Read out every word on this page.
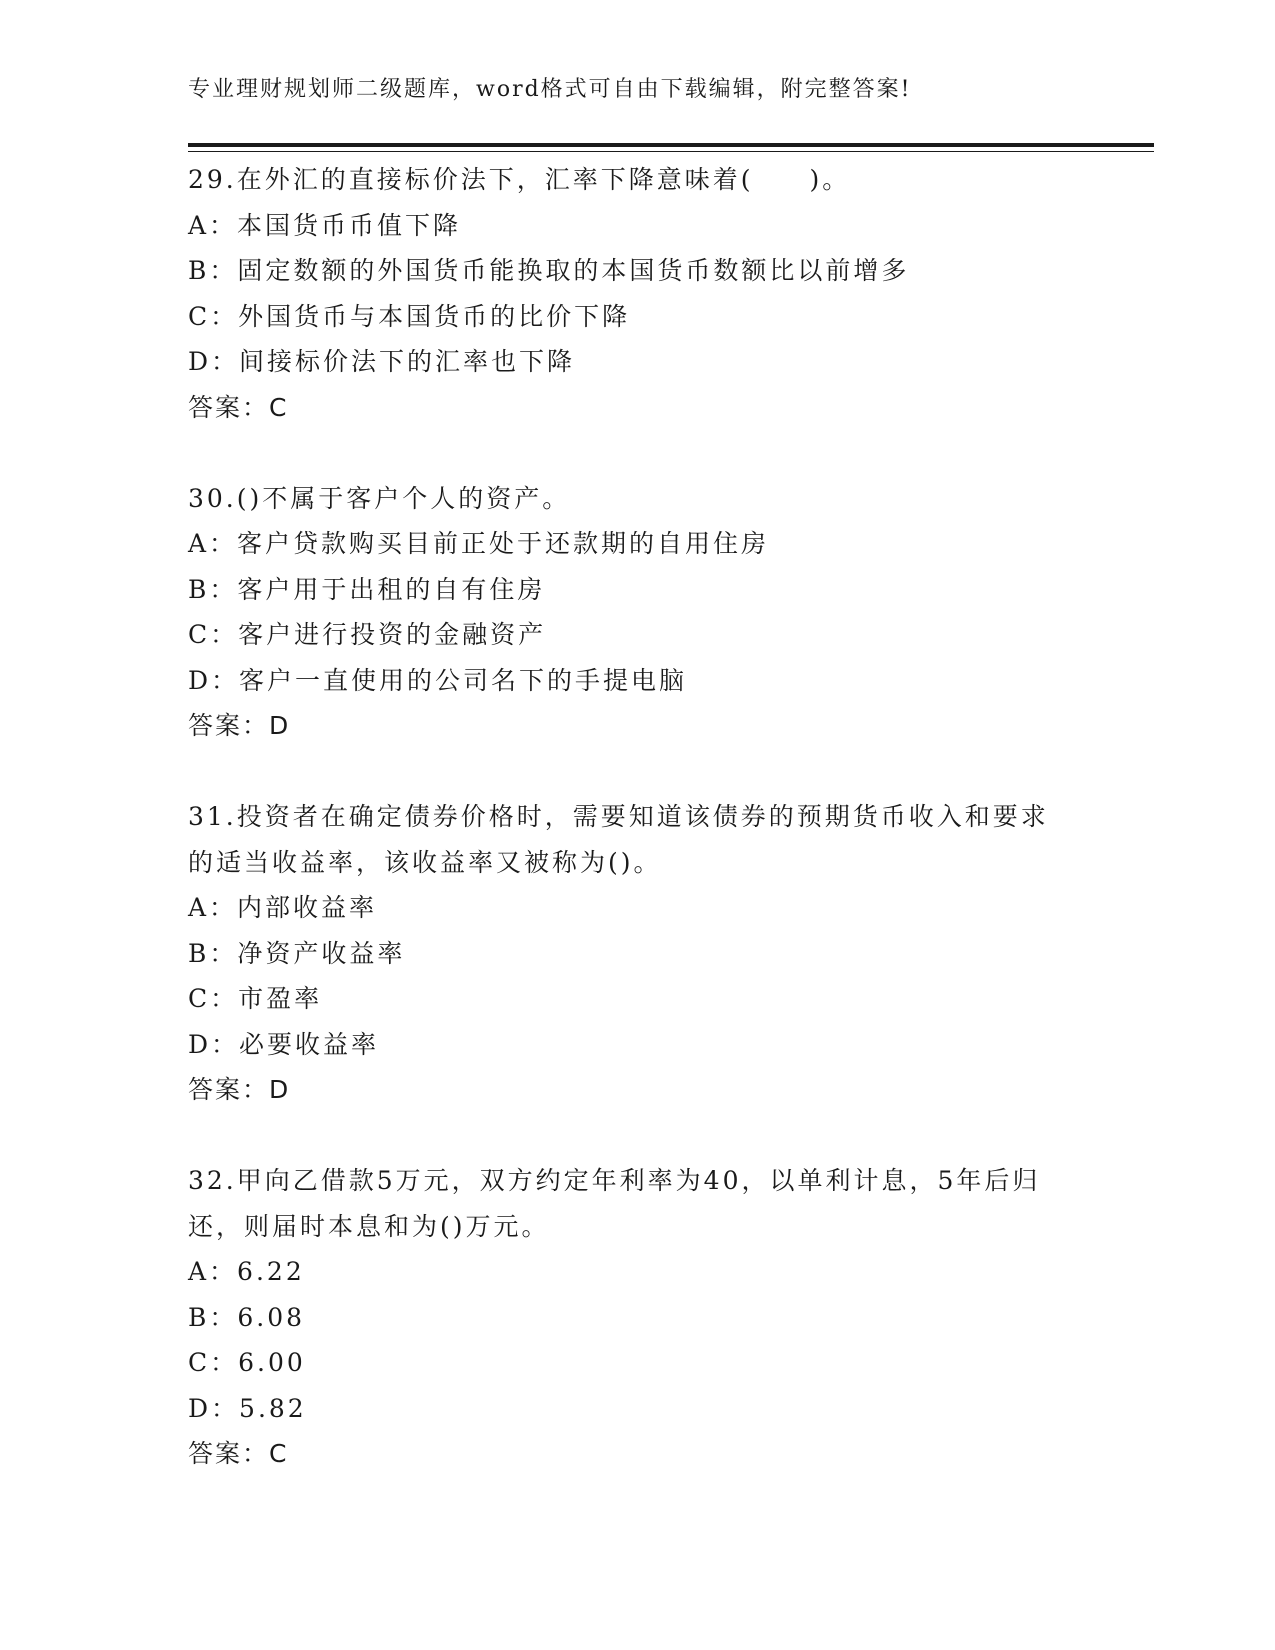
专业理财规划师二级题库，word格式可自由下载编辑，附完整答案!
29.在外汇的直接标价法下，汇率下降意味着(　　)。
A：本国货币币值下降
B：固定数额的外国货币能换取的本国货币数额比以前增多
C：外国货币与本国货币的比价下降
D：间接标价法下的汇率也下降
答案：C
30.()不属于客户个人的资产。
A：客户贷款购买目前正处于还款期的自用住房
B：客户用于出租的自有住房
C：客户进行投资的金融资产
D：客户一直使用的公司名下的手提电脑
答案：D
31.投资者在确定债券价格时，需要知道该债券的预期货币收入和要求
的适当收益率，该收益率又被称为()。
A：内部收益率
B：净资产收益率
C：市盈率
D：必要收益率
答案：D
32.甲向乙借款5万元，双方约定年利率为40，以单利计息，5年后归
还，则届时本息和为()万元。
A：6.22
B：6.08
C：6.00
D：5.82
答案：C
